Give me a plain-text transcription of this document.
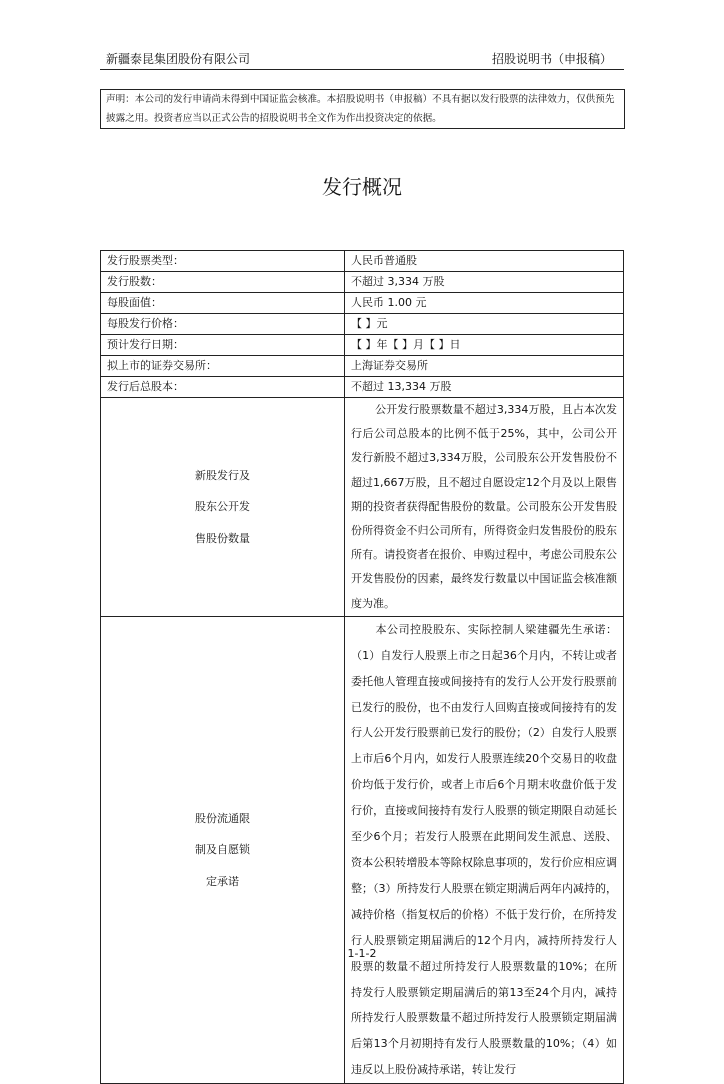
新疆泰昆集团股份有限公司	招股说明书（申报稿）
声明：本公司的发行申请尚未得到中国证监会核准。本招股说明书（申报稿）不具有据以发行股票的法律效力，仅供预先披露之用。投资者应当以正式公告的招股说明书全文作为作出投资决定的依据。
发行概况
发行股票类型：	人民币普通股
发行股数：	不超过 3,334 万股
每股面值：	人民币 1.00 元
每股发行价格：	【 】元
预计发行日期：	【 】年【 】月【 】日
拟上市的证券交易所：	上海证券交易所
发行后总股本：	不超过 13,334 万股

新股发行及股东公开发售股份数量	公开发行股票数量不超过3,334万股，且占本次发行后公司总股本的比例不低于25%，其中，公司公开发行新股不超过3,334万股，公司股东公开发售股份不超过1,667万股，且不超过自愿设定12个月及以上限售期的投资者获得配售股份的数量。公司股东公开发售股份所得资金不归公司所有，所得资金归发售股份的股东所有。请投资者在报价、申购过程中，考虑公司股东公开发售股份的因素，最终发行数量以中国证监会核准额度为准。

股份流通限制及自愿锁定承诺	本公司控股股东、实际控制人梁建疆先生承诺：（1）自发行人股票上市之日起36个月内，不转让或者委托他人管理直接或间接持有的发行人公开发行股票前已发行的股份，也不由发行人回购直接或间接持有的发行人公开发行股票前已发行的股份；（2）自发行人股票上市后6个月内，如发行人股票连续20个交易日的收盘价均低于发行价，或者上市后6个月期末收盘价低于发行价，直接或间接持有发行人股票的锁定期限自动延长至少6个月；若发行人股票在此期间发生派息、送股、资本公积转增股本等除权除息事项的，发行价应相应调整；（3）所持发行人股票在锁定期满后两年内减持的，减持价格（指复权后的价格）不低于发行价，在所持发行人股票锁定期届满后的12个月内，减持所持发行人股票的数量不超过所持发行人股票数量的10%；在所持发行人股票锁定期届满后的第13至24个月内，减持所持发行人股票数量不超过所持发行人股票锁定期届满后第13个月初期持有发行人股票数量的10%；（4）如违反以上股份减持承诺，转让发行
1-1-2
